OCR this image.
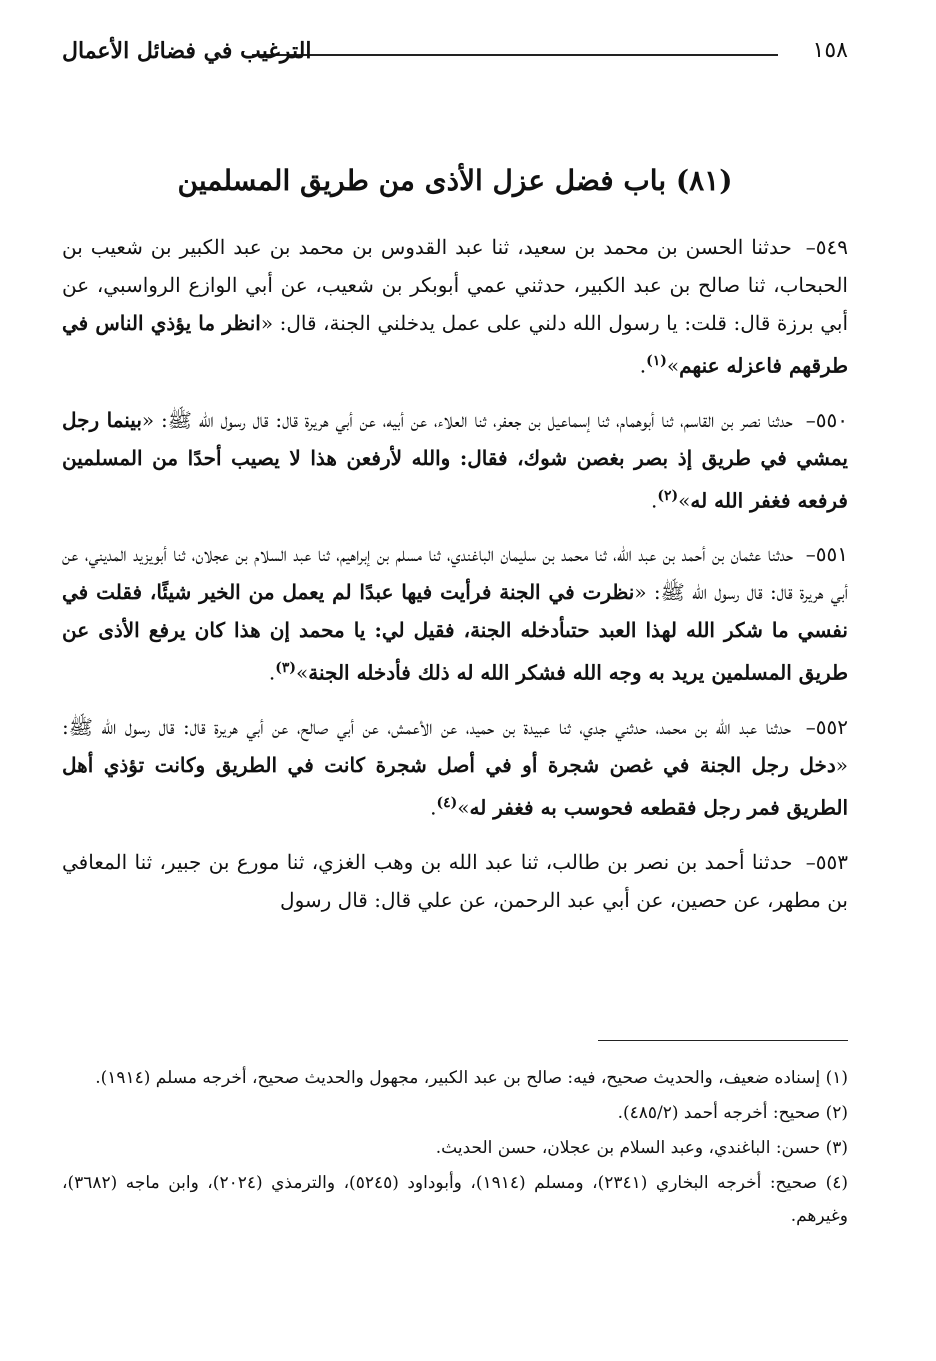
١٥٨
الترغيب في فضائل الأعمال
(٨١) باب فضل عزل الأذى من طريق المسلمين

٥٤٩– حدثنا الحسن بن محمد بن سعيد، ثنا عبد القدوس بن محمد بن عبد الكبير بن شعيب بن الحبحاب، ثنا صالح بن عبد الكبير، حدثني عمي أبوبكر بن شعيب، عن أبي الوازع الرواسبي، عن أبي برزة قال: قلت: يا رسول الله دلني على عمل يدخلني الجنة، قال: «انظر ما يؤذي الناس في طرقهم فاعزله عنهم»$^{(١)}$.

٥٥٠– حدثنا نصر بن القاسم، ثنا أبوهمام، ثنا إسماعيل بن جعفر، ثنا العلاء، عن أبيه، عن أبي هريرة قال: قال رسول الله ﷺ: «بينما رجل يمشي في طريق إذ بصر بغصن شوك، فقال: والله لأرفعن هذا لا يصيب أحدًا من المسلمين فرفعه فغفر الله له»$^{(٢)}$.

٥٥١– حدثنا عثمان بن أحمد بن عبد الله، ثنا محمد بن سليمان الباغندي، ثنا مسلم بن إبراهيم، ثنا عبد السلام بن عجلان، ثنا أبويزيد المديني، عن أبي هريرة قال: قال رسول الله ﷺ: «نظرت في الجنة فرأيت فيها عبدًا لم يعمل من الخير شيئًا، فقلت في نفسي ما شكر الله لهذا العبد حتىأدخله الجنة، فقيل لي: يا محمد إن هذا كان يرفع الأذى عن طريق المسلمين يريد به وجه الله فشكر الله له ذلك فأدخله الجنة»$^{(٣)}$.

٥٥٢– حدثنا عبد الله بن محمد، حدثني جدي، ثنا عبيدة بن حميد، عن الأعمش، عن أبي صالح، عن أبي هريرة قال: قال رسول الله ﷺ: «دخل رجل الجنة في غصن شجرة أو في أصل شجرة كانت في الطريق وكانت تؤذي أهل الطريق فمر رجل فقطعه فحوسب به فغفر له»$^{(٤)}$.

٥٥٣– حدثنا أحمد بن نصر بن طالب، ثنا عبد الله بن وهب الغزي، ثنا مورع بن جبير، ثنا المعافي بن مطهر، عن حصين، عن أبي عبد الرحمن، عن علي قال: قال رسول

(١) إسناده ضعيف، والحديث صحيح، فيه: صالح بن عبد الكبير، مجهول والحديث صحيح، أخرجه مسلم (١٩١٤).

(٢) صحيح: أخرجه أحمد (٤٨٥/٢).

(٣) حسن: الباغندي، وعبد السلام بن عجلان، حسن الحديث.

(٤) صحيح: أخرجه البخاري (٢٣٤١)، ومسلم (١٩١٤)، وأبوداود (٥٢٤٥)، والترمذي (٢٠٢٤)، وابن ماجه (٣٦٨٢)، وغيرهم.
